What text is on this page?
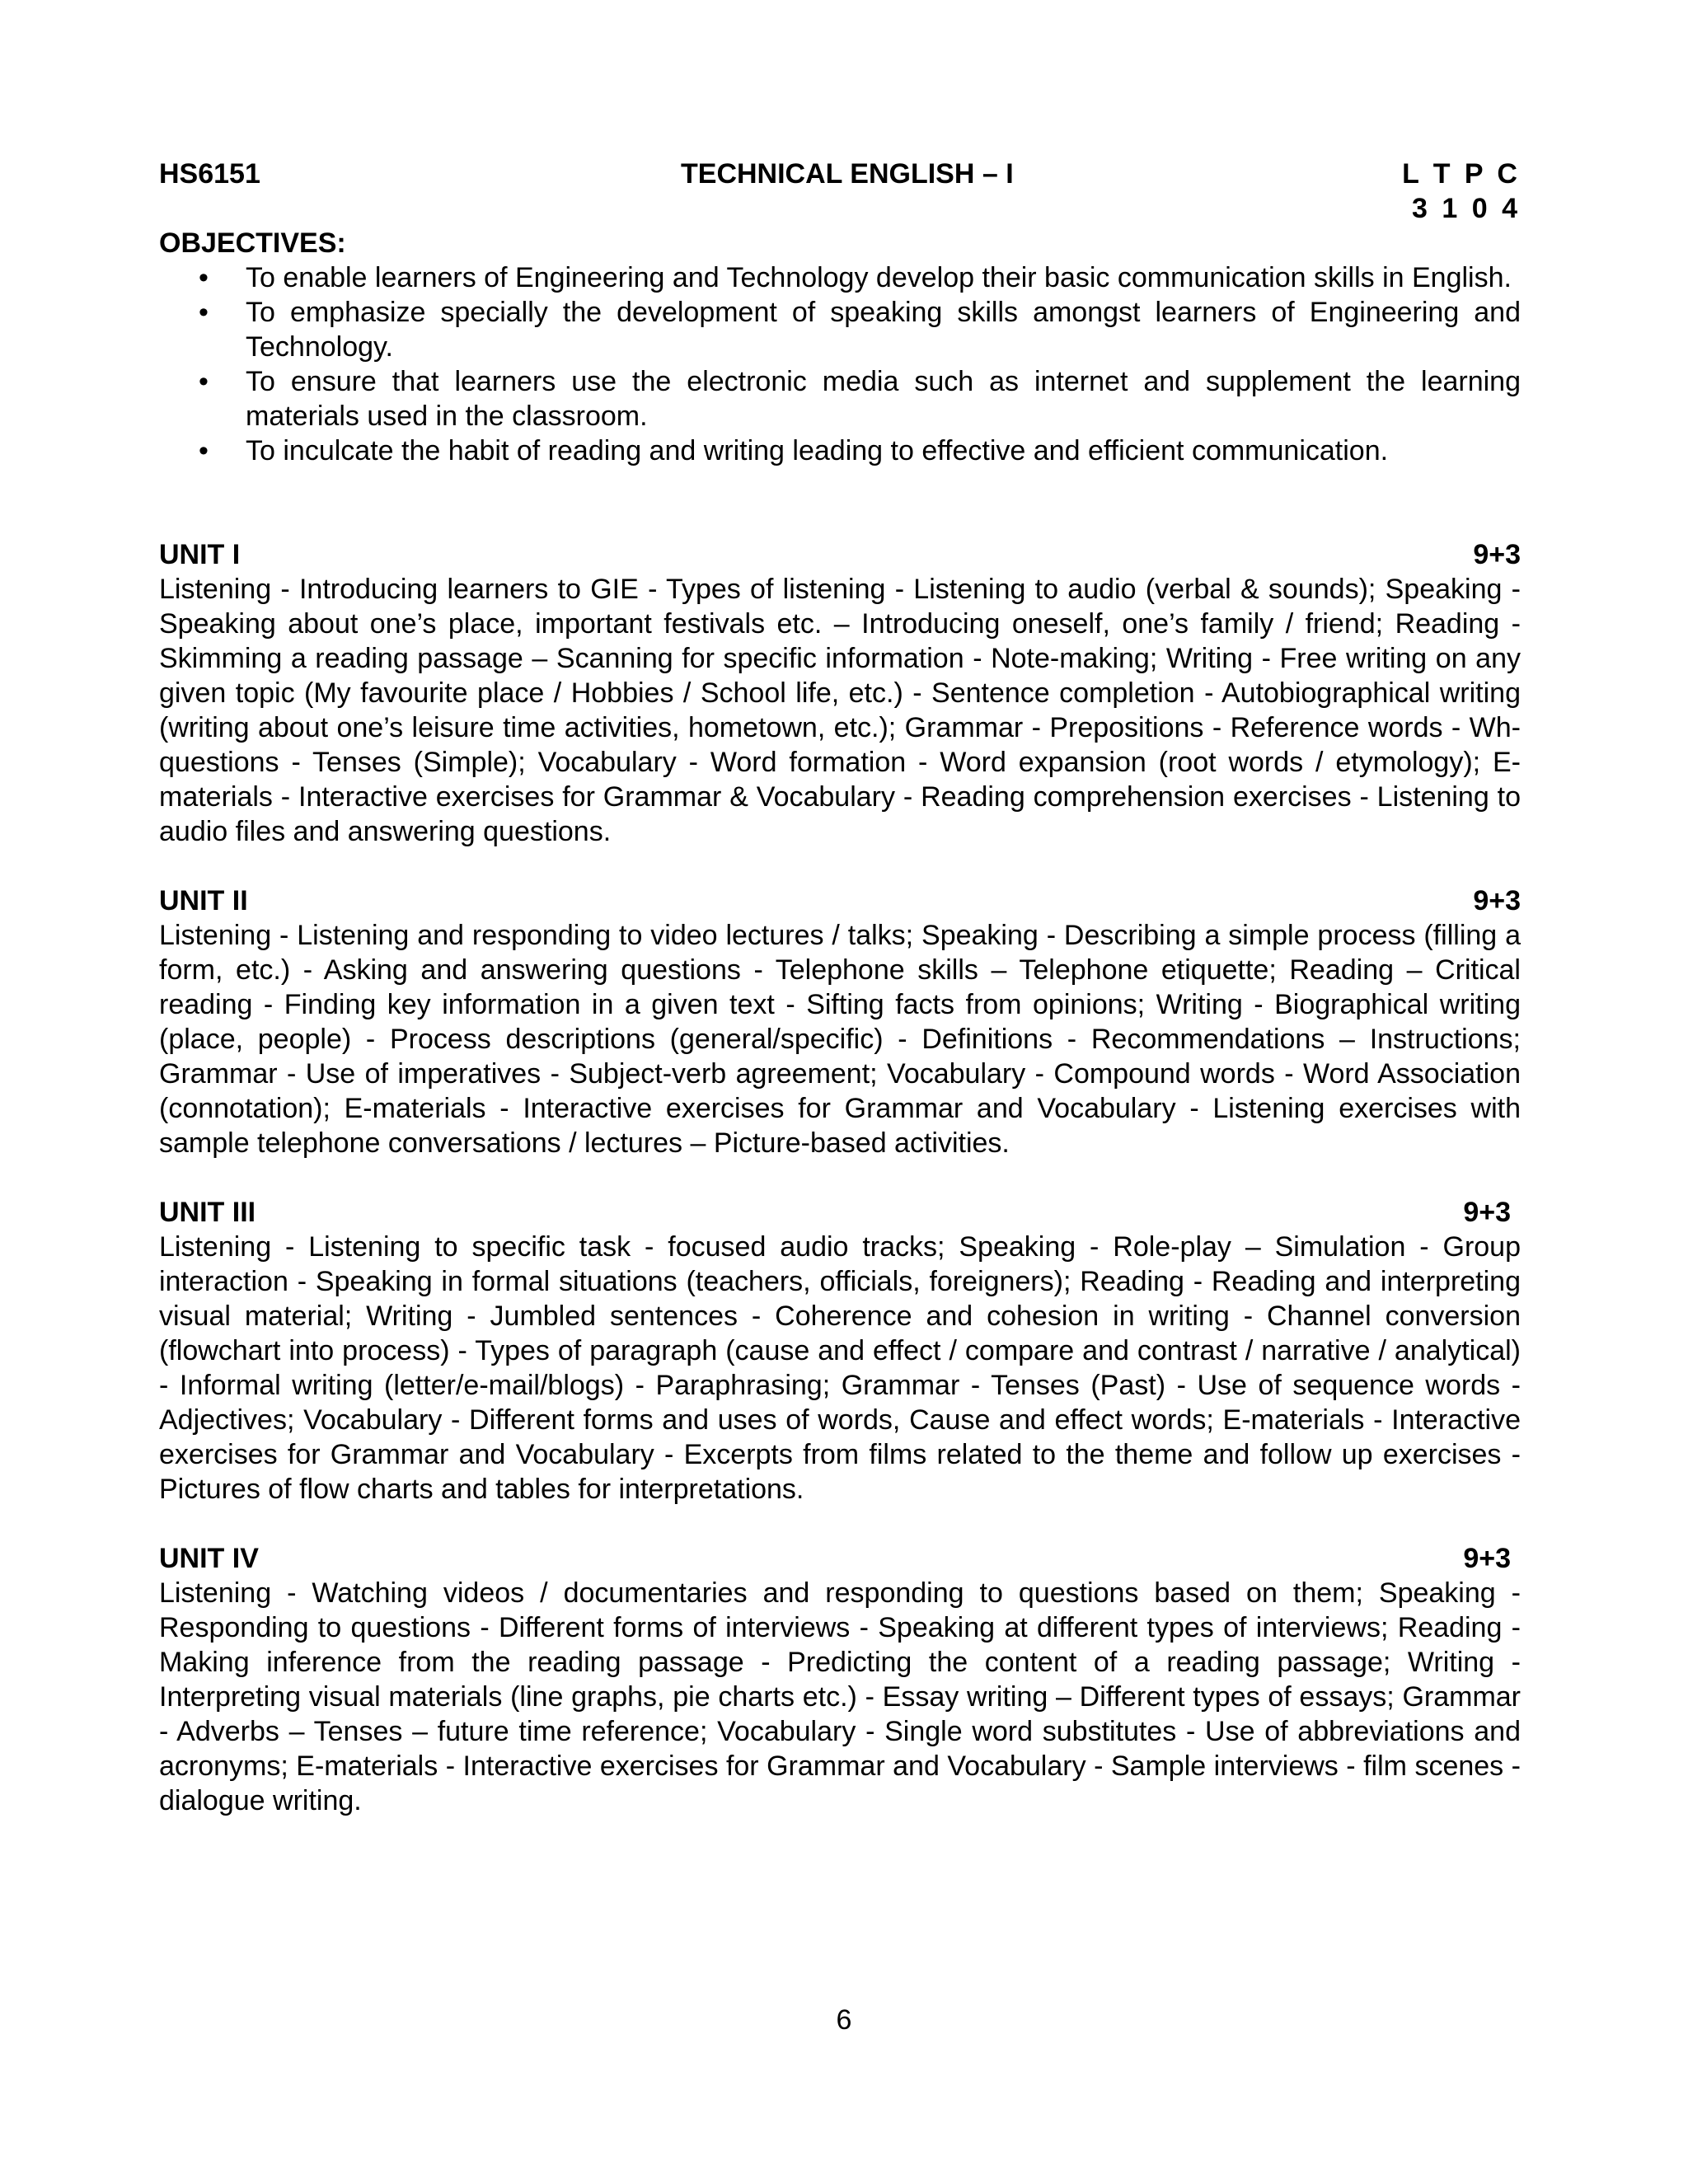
HS6151	TECHNICAL ENGLISH – I	L T P C
3 1 0 4
OBJECTIVES:
• To enable learners of Engineering and Technology develop their basic communication skills in English.
• To emphasize specially the development of speaking skills amongst learners of Engineering and Technology.
• To ensure that learners use the electronic media such as internet and supplement the learning materials used in the classroom.
• To inculcate the habit of reading and writing leading to effective and efficient communication.
UNIT I	9+3
Listening - Introducing learners to GIE - Types of listening - Listening to audio (verbal & sounds); Speaking - Speaking about one’s place, important festivals etc. – Introducing oneself, one’s family / friend; Reading - Skimming a reading passage – Scanning for specific information - Note-making; Writing - Free writing on any given topic (My favourite place / Hobbies / School life, etc.) - Sentence completion - Autobiographical writing (writing about one’s leisure time activities, hometown, etc.); Grammar - Prepositions - Reference words - Wh-questions - Tenses (Simple); Vocabulary - Word formation - Word expansion (root words / etymology); E-materials - Interactive exercises for Grammar & Vocabulary - Reading comprehension exercises - Listening to audio files and answering questions.
UNIT II	9+3
Listening - Listening and responding to video lectures / talks; Speaking - Describing a simple process (filling a form, etc.) - Asking and answering questions - Telephone skills – Telephone etiquette; Reading – Critical reading - Finding key information in a given text - Sifting facts from opinions; Writing - Biographical writing (place, people) - Process descriptions (general/specific) - Definitions - Recommendations – Instructions; Grammar - Use of imperatives - Subject-verb agreement; Vocabulary - Compound words - Word Association (connotation); E-materials - Interactive exercises for Grammar and Vocabulary - Listening exercises with sample telephone conversations / lectures – Picture-based activities.
UNIT III	9+3
Listening - Listening to specific task - focused audio tracks; Speaking - Role-play – Simulation - Group interaction - Speaking in formal situations (teachers, officials, foreigners); Reading - Reading and interpreting visual material; Writing - Jumbled sentences - Coherence and cohesion in writing - Channel conversion (flowchart into process) - Types of paragraph (cause and effect / compare and contrast / narrative / analytical) - Informal writing (letter/e-mail/blogs) - Paraphrasing; Grammar - Tenses (Past) - Use of sequence words - Adjectives; Vocabulary - Different forms and uses of words, Cause and effect words; E-materials - Interactive exercises for Grammar and Vocabulary - Excerpts from films related to the theme and follow up exercises - Pictures of flow charts and tables for interpretations.
UNIT IV	9+3
Listening - Watching videos / documentaries and responding to questions based on them; Speaking - Responding to questions - Different forms of interviews - Speaking at different types of interviews; Reading - Making inference from the reading passage - Predicting the content of a reading passage; Writing - Interpreting visual materials (line graphs, pie charts etc.) - Essay writing – Different types of essays; Grammar - Adverbs – Tenses – future time reference; Vocabulary - Single word substitutes - Use of abbreviations and acronyms; E-materials - Interactive exercises for Grammar and Vocabulary - Sample interviews - film scenes - dialogue writing.
6
